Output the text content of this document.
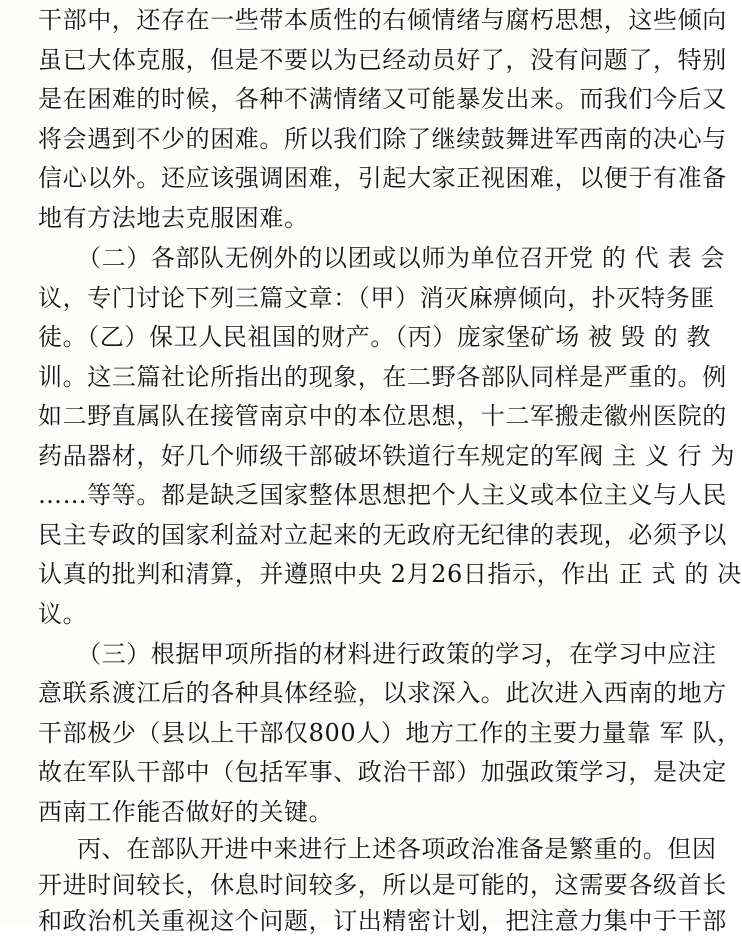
干部中，还存在一些带本质性的右倾情绪与腐朽思想，这些倾向
虽已大体克服，但是不要以为已经动员好了，没有问题了，特别
是在困难的时候，各种不满情绪又可能暴发出来。而我们今后又
将会遇到不少的困难。所以我们除了继续鼓舞进军西南的决心与
信心以外。还应该强调困难，引起大家正视困难，以便于有准备
地有方法地去克服困难。
（二）各部队无例外的以团或以师为单位召开党 的 代 表 会
议，专门讨论下列三篇文章：（甲）消灭麻痹倾向，扑灭特务匪
徒。（乙）保卫人民祖国的财产。（丙）庞家堡矿场 被 毁 的 教
训。这三篇社论所指出的现象，在二野各部队同样是严重的。例
如二野直属队在接管南京中的本位思想，十二军搬走徽州医院的
药品器材，好几个师级干部破坏铁道行车规定的军阀 主 义 行 为
……等等。都是缺乏国家整体思想把个人主义或本位主义与人民
民主专政的国家利益对立起来的无政府无纪律的表现，必须予以
认真的批判和清算，并遵照中央 2月26日指示，作出 正 式 的 决
议。
（三）根据甲项所指的材料进行政策的学习，在学习中应注
意联系渡江后的各种具体经验，以求深入。此次进入西南的地方
干部极少（县以上干部仅800人）地方工作的主要力量靠 军 队，
故在军队干部中（包括军事、政治干部）加强政策学习，是决定
西南工作能否做好的关键。
丙、在部队开进中来进行上述各项政治准备是繁重的。但因
开进时间较长，休息时间较多，所以是可能的，这需要各级首长
和政治机关重视这个问题，订出精密计划，把注意力集中于干部
